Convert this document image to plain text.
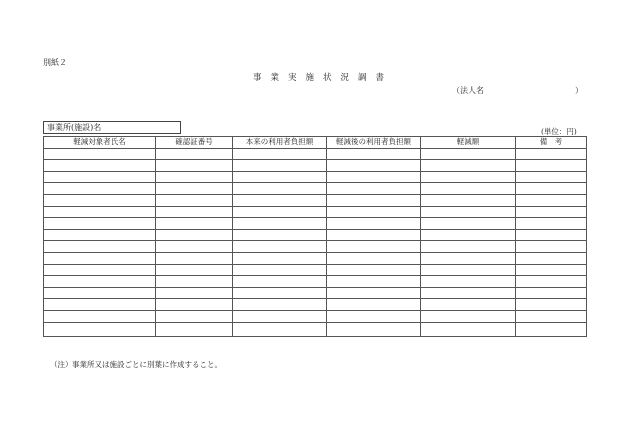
別紙２
事業実施状況調書
（法人名	）
事業所(施設)名	(単位：円)
軽減対象者氏名	確認証番号	本来の利用者負担額	軽減後の利用者負担額	軽減額	備　考

（注） 事業所又は施設ごとに別葉に作成すること。
